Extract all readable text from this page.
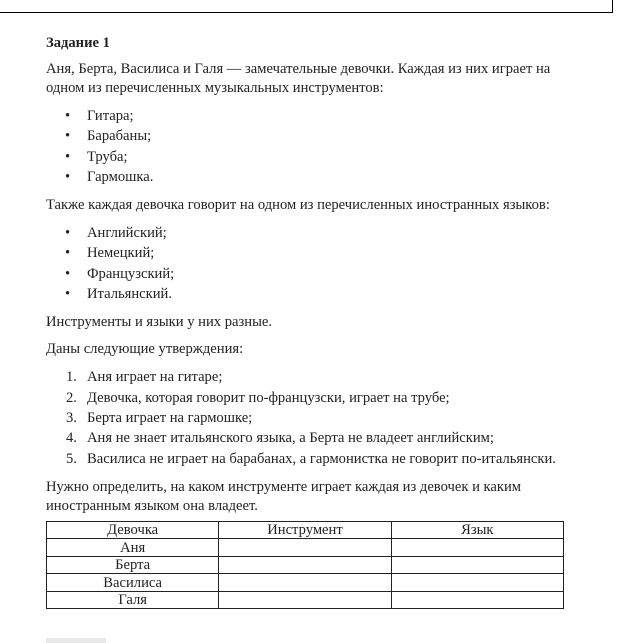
Задание 1

Аня, Берта, Василиса и Галя — замечательные девочки. Каждая из них играет на одном из перечисленных музыкальных инструментов:

• Гитара;
• Барабаны;
• Труба;
• Гармошка.

Также каждая девочка говорит на одном из перечисленных иностранных языков:

• Английский;
• Немецкий;
• Французский;
• Итальянский.

Инструменты и языки у них разные.

Даны следующие утверждения:

1. Аня играет на гитаре;
2. Девочка, которая говорит по-французски, играет на трубе;
3. Берта играет на гармошке;
4. Аня не знает итальянского языка, а Берта не владеет английским;
5. Василиса не играет на барабанах, а гармонистка не говорит по-итальянски.

Нужно определить, на каком инструменте играет каждая из девочек и каким иностранным языком она владеет.

Девочка	Инструмент	Язык
Аня		
Берта		
Василиса		
Галя		
